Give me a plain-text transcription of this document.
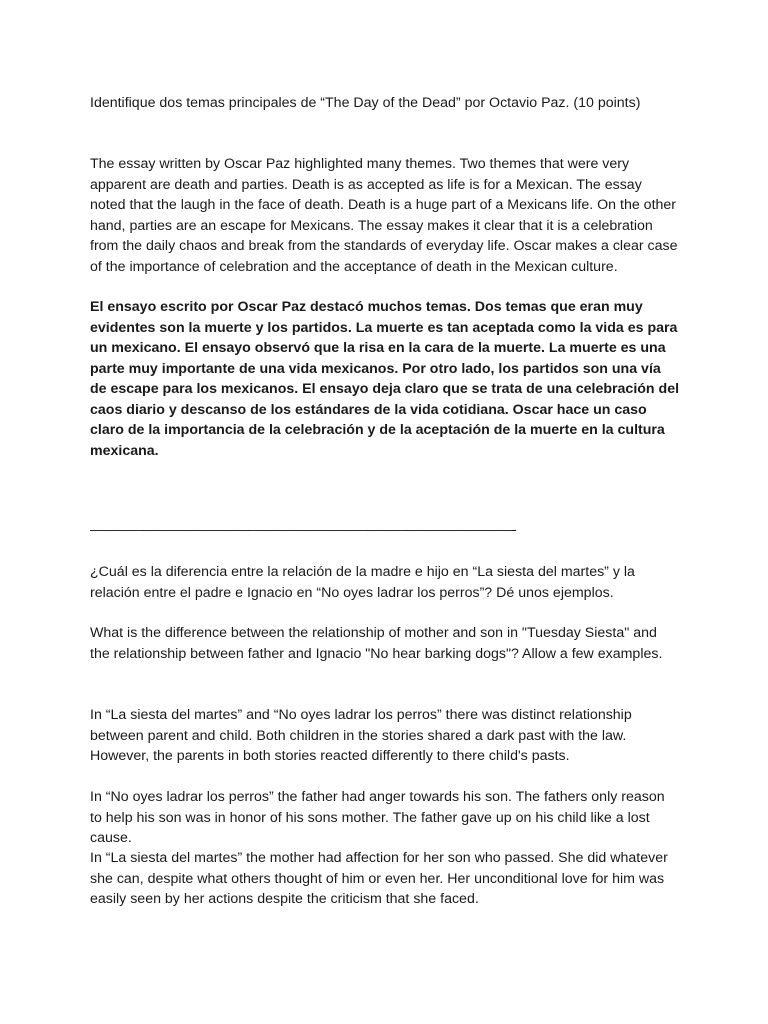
Identifique dos temas principales de “The Day of the Dead” por Octavio Paz. (10 points)

The essay written by Oscar Paz highlighted many themes. Two themes that were very apparent are death and parties. Death is as accepted as life is for a Mexican. The essay noted that the laugh in the face of death. Death is a huge part of a Mexicans life. On the other hand, parties are an escape for Mexicans. The essay makes it clear that it is a celebration from the daily chaos and break from the standards of everyday life. Oscar makes a clear case of the importance of celebration and the acceptance of death in the Mexican culture.

El ensayo escrito por Oscar Paz destacó muchos temas. Dos temas que eran muy evidentes son la muerte y los partidos. La muerte es tan aceptada como la vida es para un mexicano. El ensayo observó que la risa en la cara de la muerte. La muerte es una parte muy importante de una vida mexicanos. Por otro lado, los partidos son una vía de escape para los mexicanos. El ensayo deja claro que se trata de una celebración del caos diario y descanso de los estándares de la vida cotidiana. Oscar hace un caso claro de la importancia de la celebración y de la aceptación de la muerte en la cultura mexicana.

————————————————————————————————-

¿Cuál es la diferencia entre la relación de la madre e hijo en “La siesta del martes” y la relación entre el padre e Ignacio en “No oyes ladrar los perros”? Dé unos ejemplos.

What is the difference between the relationship of mother and son in "Tuesday Siesta" and the relationship between father and Ignacio "No hear barking dogs"? Allow a few examples.

In “La siesta del martes” and “No oyes ladrar los perros” there was distinct relationship between parent and child. Both children in the stories shared a dark past with the law. However, the parents in both stories reacted differently to there child's pasts.

In “No oyes ladrar los perros” the father had anger towards his son. The fathers only reason to help his son was in honor of his sons mother. The father gave up on his child like a lost cause.

In “La siesta del martes” the mother had affection for her son who passed. She did whatever she can, despite what others thought of him or even her. Her unconditional love for him was easily seen by her actions despite the criticism that she faced.
